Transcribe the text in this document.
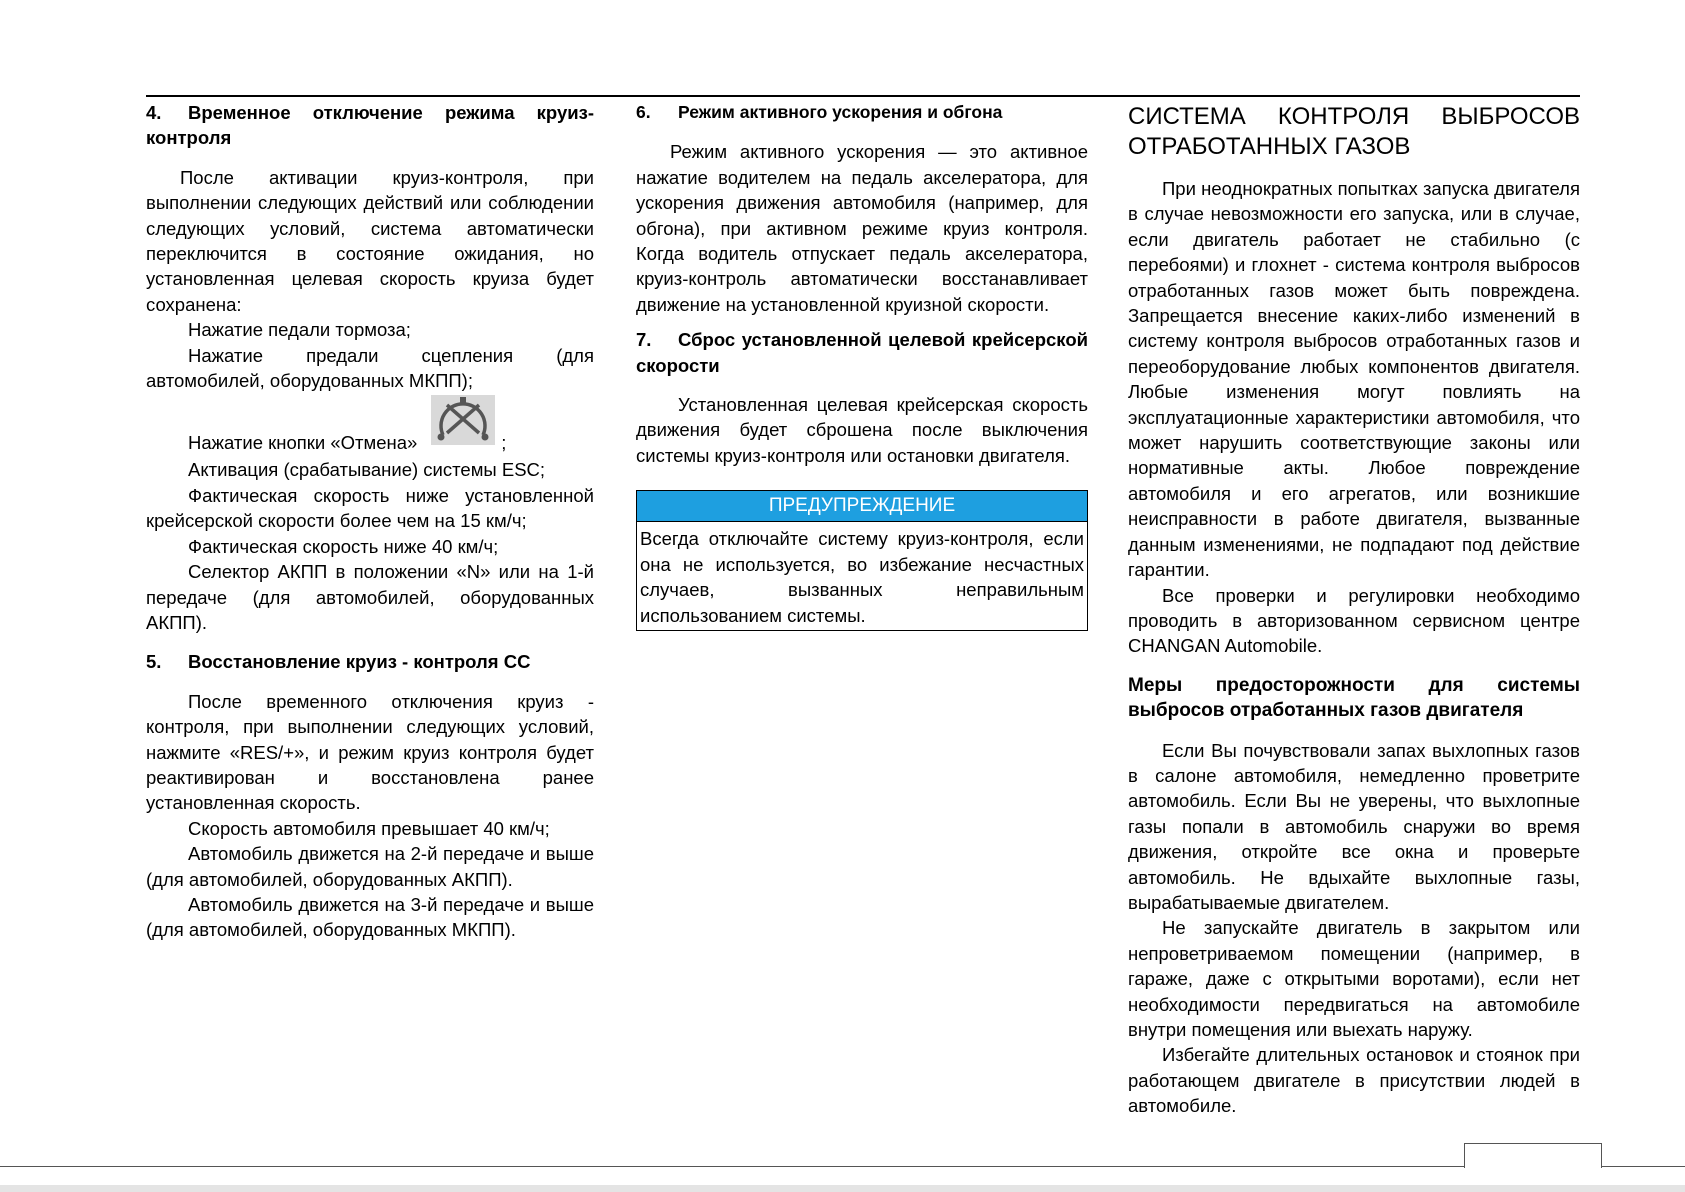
4. Временное отключение режима круиз-контроля

После активации круиз-контроля, при выполнении следующих действий или соблюдении следующих условий, система автоматически переключится в состояние ожидания, но установленная целевая скорость круиза будет сохранена:

Нажатие педали тормоза;

Нажатие предали сцепления (для автомобилей, оборудованных МКПП);

Нажатие кнопки «Отмена»	;

Активация (срабатывание) системы ESC;

Фактическая скорость ниже установленной крейсерской скорости более чем на 15 км/ч;

Фактическая скорость ниже 40 км/ч;

Селектор АКПП в положении «N» или на 1-й передаче (для автомобилей, оборудованных АКПП).

5. Восстановление круиз - контроля СС

После временного отключения круиз - контроля, при выполнении следующих условий, нажмите «RES/+», и режим круиз контроля будет реактивирован и восстановлена ранее установленная скорость.

Скорость автомобиля превышает 40 км/ч;

Автомобиль движется на 2-й передаче и выше (для автомобилей, оборудованных АКПП).

Автомобиль движется на 3-й передаче и выше (для автомобилей, оборудованных МКПП).

6. Режим активного ускорения и обгона

Режим активного ускорения — это активное нажатие водителем на педаль акселератора, для ускорения движения автомобиля (например, для обгона), при активном режиме круиз контроля. Когда водитель отпускает педаль акселератора, круиз-контроль автоматически восстанавливает движение на установленной круизной скорости.

7. Сброс установленной целевой крейсерской скорости

Установленная целевая крейсерская скорость движения будет сброшена после выключения системы круиз-контроля или остановки двигателя.

ПРЕДУПРЕЖДЕНИЕ

Всегда отключайте систему круиз-контроля, если она не используется, во избежание несчастных случаев, вызванных неправильным использованием системы.

СИСТЕМА КОНТРОЛЯ ВЫБРОСОВ ОТРАБОТАННЫХ ГАЗОВ

При неоднократных попытках запуска двигателя в случае невозможности его запуска, или в случае, если двигатель работает не стабильно (с перебоями) и глохнет - система контроля выбросов отработанных газов может быть повреждена. Запрещается внесение каких-либо изменений в систему контроля выбросов отработанных газов и переоборудование любых компонентов двигателя. Любые изменения могут повлиять на эксплуатационные характеристики автомобиля, что может нарушить соответствующие законы или нормативные акты. Любое повреждение автомобиля и его агрегатов, или возникшие неисправности в работе двигателя, вызванные данным изменениями, не подпадают под действие гарантии.

Все проверки и регулировки необходимо проводить в авторизованном сервисном центре CHANGAN Automobile.

Меры предосторожности для системы выбросов отработанных газов двигателя

Если Вы почувствовали запах выхлопных газов в салоне автомобиля, немедленно проветрите автомобиль. Если Вы не уверены, что выхлопные газы попали в автомобиль снаружи во время движения, откройте все окна и проверьте автомобиль. Не вдыхайте выхлопные газы, вырабатываемые двигателем.

Не запускайте двигатель в закрытом или непроветриваемом помещении (например, в гараже, даже с открытыми воротами), если нет необходимости передвигаться на автомобиле внутри помещения или выехать наружу.

Избегайте длительных остановок и стоянок при работающем двигателе в присутствии людей в автомобиле.
